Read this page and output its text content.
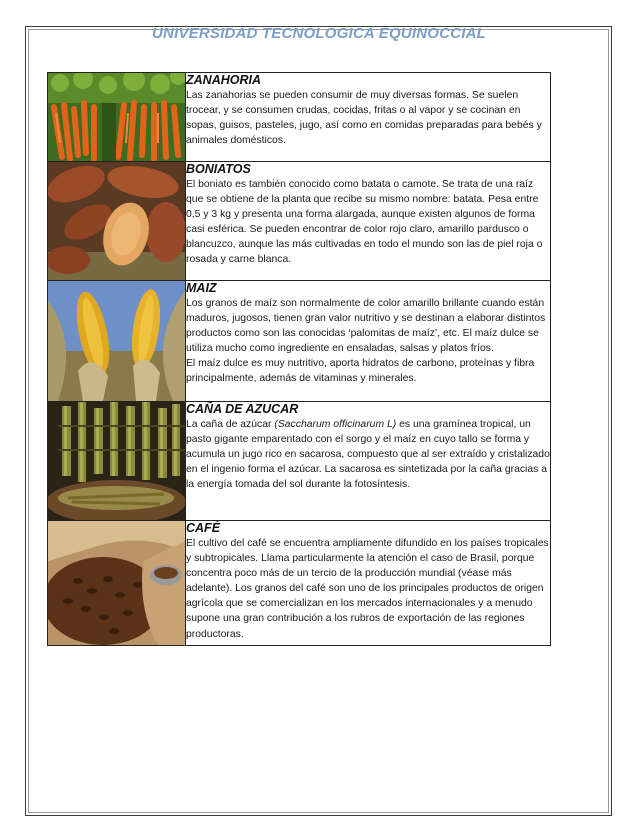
UNIVERSIDAD TECNOLOGICA EQUINOCCIAL

ZANAHORIA

Las zanahorias se pueden consumir de muy diversas formas. Se suelen trocear, y se consumen crudas, cocidas, fritas o al vapor y se cocinan en sopas, guisos, pasteles, jugo, así como en comidas preparadas para bebés y animales domésticos.

BONIATOS

El boniato es también conocido como batata o camote. Se trata de una raíz que se obtiene de la planta que recibe su mismo nombre: batata. Pesa entre 0,5 y 3 kg y presenta una forma alargada, aunque existen algunos de forma casi esférica. Se pueden encontrar de color rojo claro, amarillo pardusco o blancuzco, aunque las más cultivadas en todo el mundo son las de piel roja o rosada y carne blanca.

MAIZ

Los granos de maíz son normalmente de color amarillo brillante cuando están maduros, jugosos, tienen gran valor nutritivo y se destinan a elaborar distintos productos como son las conocidas ‘palomitas de maíz’, etc. El maíz dulce se utiliza mucho como ingrediente en ensaladas, salsas y platos fríos.

El maíz dulce es muy nutritivo, aporta hidratos de carbono, proteínas y fibra principalmente, además de vitaminas y minerales.

CAÑA DE AZUCAR

La caña de azúcar (Saccharum officinarum L) es una gramínea tropical, un pasto gigante emparentado con el sorgo y el maíz en cuyo tallo se forma y acumula un jugo rico en sacarosa, compuesto que al ser extraído y cristalizado en el ingenio forma el azúcar. La sacarosa es sintetizada por la caña gracias a la energía tomada del sol durante la fotosíntesis.

CAFÉ

El cultivo del café se encuentra ampliamente difundido en los países tropicales y subtropicales. Llama particularmente la atención el caso de Brasil, porque concentra poco más de un tercio de la producción mundial (véase más adelante). Los granos del café son uno de los principales productos de origen agrícola que se comercializan en los mercados internacionales y a menudo supone una gran contribución a los rubros de exportación de las regiones productoras.
